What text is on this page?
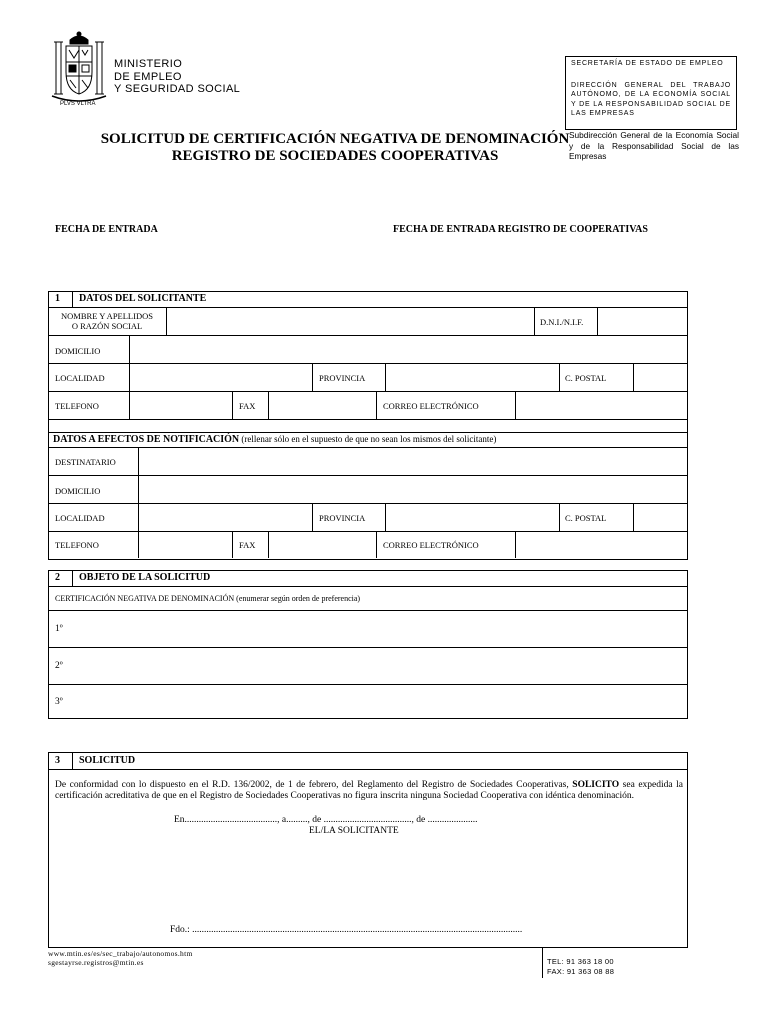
PLVS VLTRA
MINISTERIO
DE EMPLEO
Y SEGURIDAD SOCIAL
SECRETARÍA DE ESTADO DE EMPLEO
DIRECCIÓN GENERAL DEL TRABAJO AUTÓNOMO, DE LA ECONOMÍA SOCIAL Y DE LA RESPONSABILIDAD SOCIAL DE LAS EMPRESAS
Subdirección General de la Economía Social y de la Responsabilidad Social de las Empresas
SOLICITUD DE CERTIFICACIÓN NEGATIVA DE DENOMINACIÓN
REGISTRO DE SOCIEDADES COOPERATIVAS
FECHA DE ENTRADA	FECHA DE ENTRADA REGISTRO DE COOPERATIVAS
1 DATOS DEL SOLICITANTE
NOMBRE Y APELLIDOS
O RAZÓN SOCIAL	D.N.I./N.I.F.
DOMICILIO
LOCALIDAD	PROVINCIA	C. POSTAL
TELEFONO	FAX	CORREO ELECTRÓNICO
DATOS A EFECTOS DE NOTIFICACIÓN (rellenar sólo en el supuesto de que no sean los mismos del solicitante)
DESTINATARIO
DOMICILIO
LOCALIDAD	PROVINCIA	C. POSTAL
TELEFONO	FAX	CORREO ELECTRÓNICO
2 OBJETO DE LA SOLICITUD
CERTIFICACIÓN NEGATIVA DE DENOMINACIÓN (enumerar según orden de preferencia)
1º
2º
3º
3 SOLICITUD
De conformidad con lo dispuesto en el R.D. 136/2002, de 1 de febrero, del Reglamento del Registro de Sociedades Cooperativas, SOLICITO sea expedida la certificación acreditativa de que en el Registro de Sociedades Cooperativas no figura inscrita ninguna Sociedad Cooperativa con idéntica denominación.
En......................................., a........., de ....................................., de .....................
EL/LA SOLICITANTE
Fdo.: ...........................................................................................................................................
www.mtin.es/es/sec_trabajo/autonomos.htm
sgestayrse.registros@mtin.es	TEL: 91 363 18 00
FAX: 91 363 08 88
